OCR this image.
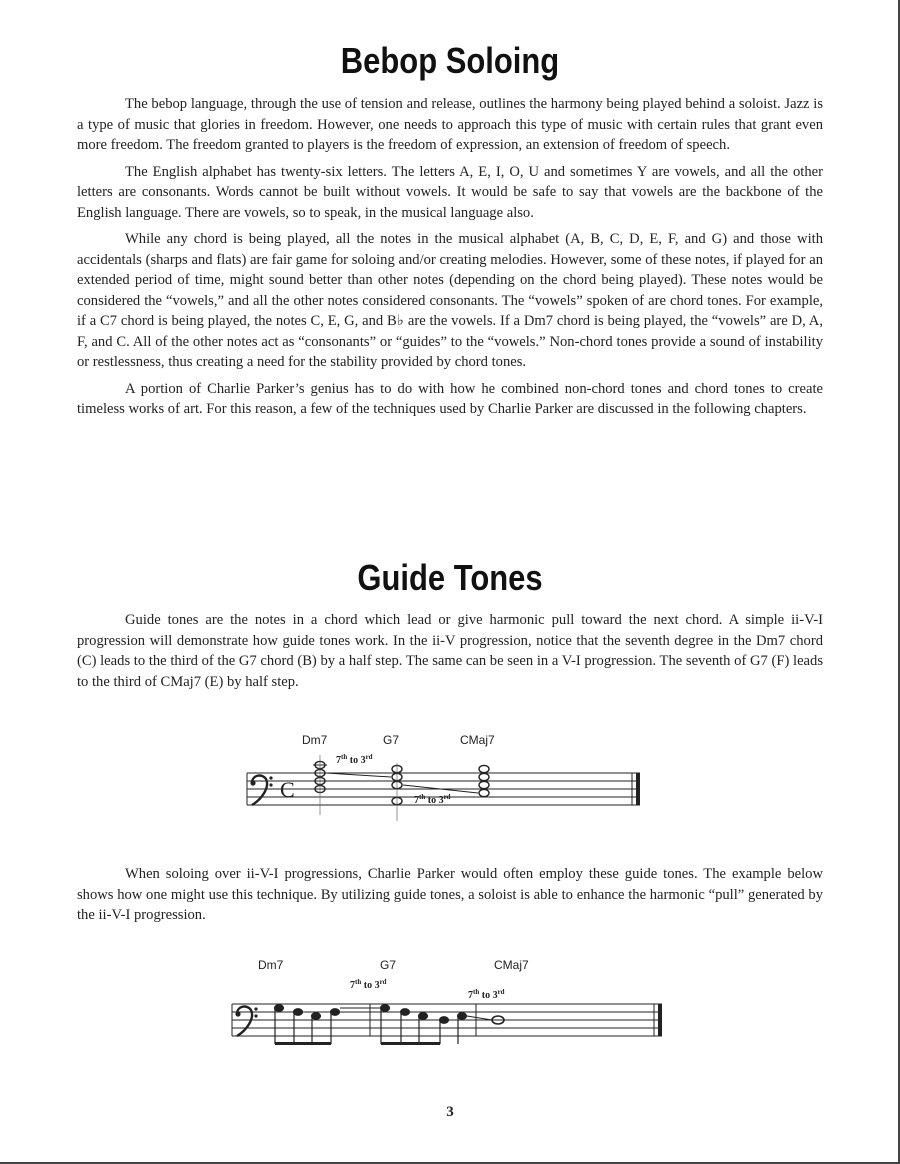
Bebop Soloing

The bebop language, through the use of tension and release, outlines the harmony being played behind a soloist. Jazz is a type of music that glories in freedom. However, one needs to approach this type of music with certain rules that grant even more freedom. The freedom granted to players is the freedom of expression, an extension of freedom of speech.

The English alphabet has twenty-six letters. The letters A, E, I, O, U and sometimes Y are vowels, and all the other letters are consonants. Words cannot be built without vowels. It would be safe to say that vowels are the backbone of the English language. There are vowels, so to speak, in the musical language also.

While any chord is being played, all the notes in the musical alphabet (A, B, C, D, E, F, and G) and those with accidentals (sharps and flats) are fair game for soloing and/or creating melodies. However, some of these notes, if played for an extended period of time, might sound better than other notes (depending on the chord being played). These notes would be considered the “vowels,” and all the other notes considered consonants. The “vowels” spoken of are chord tones. For example, if a C7 chord is being played, the notes C, E, G, and B♭ are the vowels. If a Dm7 chord is being played, the “vowels” are D, A, F, and C. All of the other notes act as “consonants” or “guides” to the “vowels.” Non-chord tones provide a sound of instability or restlessness, thus creating a need for the stability provided by chord tones.

A portion of Charlie Parker’s genius has to do with how he combined non-chord tones and chord tones to create timeless works of art. For this reason, a few of the techniques used by Charlie Parker are discussed in the following chapters.

Guide Tones

Guide tones are the notes in a chord which lead or give harmonic pull toward the next chord. A simple ii-V-I progression will demonstrate how guide tones work. In the ii-V progression, notice that the seventh degree in the Dm7 chord (C) leads to the third of the G7 chord (B) by a half step. The same can be seen in a V-I progression. The seventh of G7 (F) leads to the third of CMaj7 (E) by half step.

Dm7	G7	CMaj7
C
7th to 3rd
7th to 3rd

When soloing over ii-V-I progressions, Charlie Parker would often employ these guide tones. The example below shows how one might use this technique. By utilizing guide tones, a soloist is able to enhance the harmonic “pull” generated by the ii-V-I progression.

Dm7	G7	CMaj7
7th to 3rd
7th to 3rd

3
